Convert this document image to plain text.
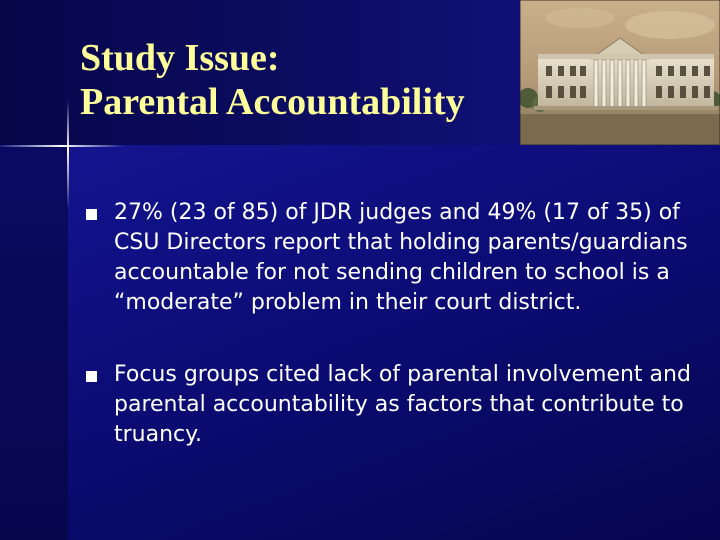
Study Issue:
Parental Accountability
27% (23 of 85) of JDR judges and 49% (17 of 35) of CSU Directors report that holding parents/guardians accountable for not sending children to school is a “moderate” problem in their court district.
Focus groups cited lack of parental involvement and parental accountability as factors that contribute to truancy.
